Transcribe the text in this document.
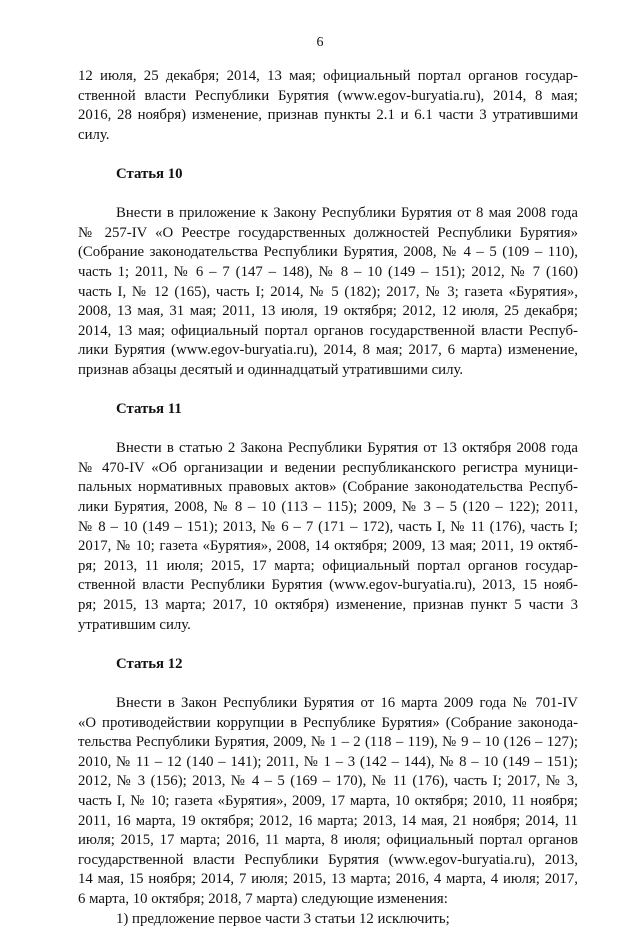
6
12 июля, 25 декабря; 2014, 13 мая; официальный портал органов государ-
ственной власти Республики Бурятия (www.egov-buryatia.ru), 2014, 8 мая;
2016, 28 ноября) изменение, признав пункты 2.1 и 6.1 части 3 утратившими
силу.
Статья 10
Внести в приложение к Закону Республики Бурятия от 8 мая 2008 года
№ 257-IV «О Реестре государственных должностей Республики Бурятия»
(Собрание законодательства Республики Бурятия, 2008, № 4 – 5 (109 – 110),
часть 1; 2011, № 6 – 7 (147 – 148), № 8 – 10 (149 – 151); 2012, № 7 (160)
часть I, № 12 (165), часть I; 2014, № 5 (182); 2017, № 3; газета «Бурятия»,
2008, 13 мая, 31 мая; 2011, 13 июля, 19 октября; 2012, 12 июля, 25 декабря;
2014, 13 мая; официальный портал органов государственной власти Респуб-
лики Бурятия (www.egov-buryatia.ru), 2014, 8 мая; 2017, 6 марта) изменение,
признав абзацы десятый и одиннадцатый утратившими силу.
Статья 11
Внести в статью 2 Закона Республики Бурятия от 13 октября 2008 года
№ 470-IV «Об организации и ведении республиканского регистра муници-
пальных нормативных правовых актов» (Собрание законодательства Респуб-
лики Бурятия, 2008, № 8 – 10 (113 – 115); 2009, № 3 – 5 (120 – 122); 2011,
№ 8 – 10 (149 – 151); 2013, № 6 – 7 (171 – 172), часть I, № 11 (176), часть I;
2017, № 10; газета «Бурятия», 2008, 14 октября; 2009, 13 мая; 2011, 19 октяб-
ря; 2013, 11 июля; 2015, 17 марта; официальный портал органов государ-
ственной власти Республики Бурятия (www.egov-buryatia.ru), 2013, 15 нояб-
ря; 2015, 13 марта; 2017, 10 октября) изменение, признав пункт 5 части 3
утратившим силу.
Статья 12
Внести в Закон Республики Бурятия от 16 марта 2009 года № 701-IV
«О противодействии коррупции в Республике Бурятия» (Собрание законода-
тельства Республики Бурятия, 2009, № 1 – 2 (118 – 119), № 9 – 10 (126 – 127);
2010, № 11 – 12 (140 – 141); 2011, № 1 – 3 (142 – 144), № 8 – 10 (149 – 151);
2012, № 3 (156); 2013, № 4 – 5 (169 – 170), № 11 (176), часть I; 2017, № 3,
часть I, № 10; газета «Бурятия», 2009, 17 марта, 10 октября; 2010, 11 ноября;
2011, 16 марта, 19 октября; 2012, 16 марта; 2013, 14 мая, 21 ноября; 2014, 11
июля; 2015, 17 марта; 2016, 11 марта, 8 июля; официальный портал органов
государственной власти Республики Бурятия (www.egov-buryatia.ru), 2013,
14 мая, 15 ноября; 2014, 7 июля; 2015, 13 марта; 2016, 4 марта, 4 июля; 2017,
6 марта, 10 октября; 2018, 7 марта) следующие изменения:
1) предложение первое части 3 статьи 12 исключить;
